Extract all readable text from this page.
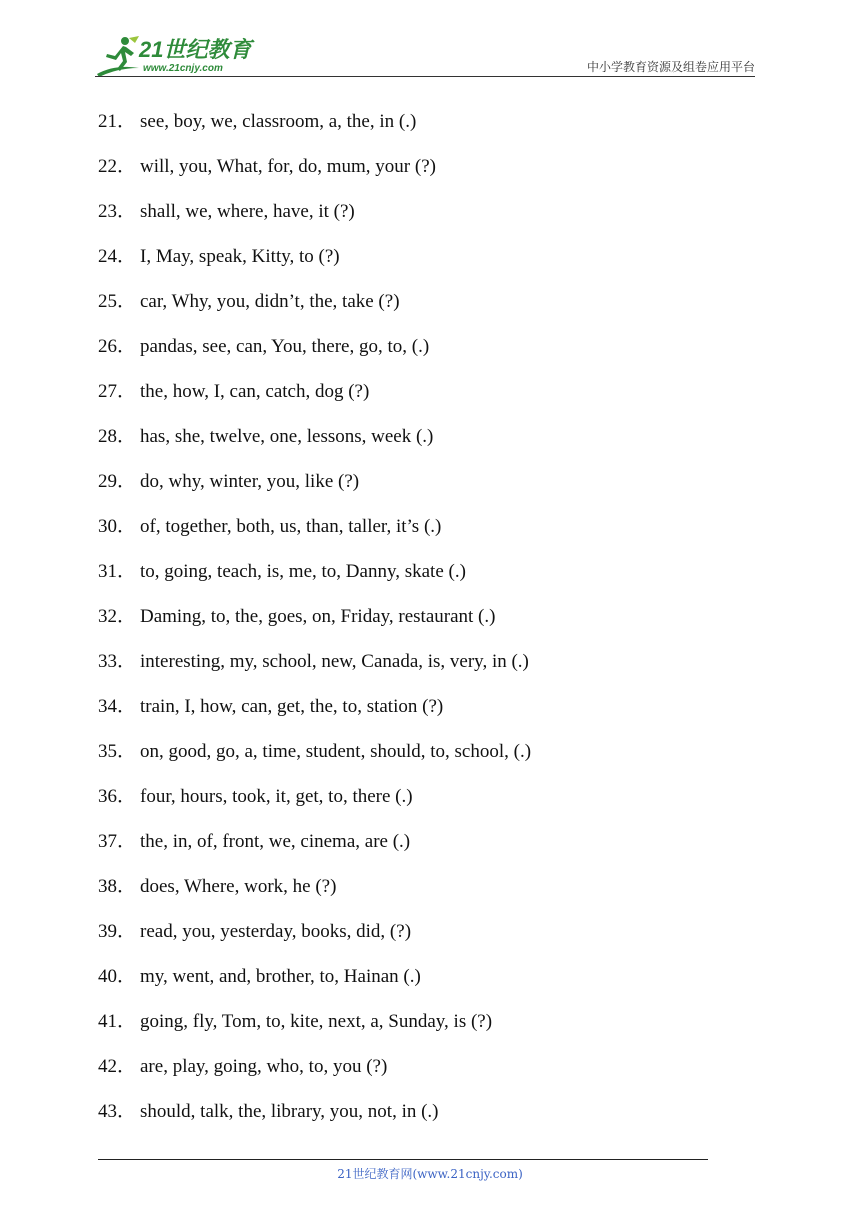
21世纪教育
www.21cnjy.com	中小学教育资源及组卷应用平台
21． see, boy, we, classroom, a, the, in (.)
22． will, you, What, for, do, mum, your (?)
23． shall, we, where, have, it (?)
24． I, May, speak, Kitty, to (?)
25． car, Why, you, didn’t, the, take (?)
26． pandas, see, can, You, there, go, to, (.)
27． the, how, I, can, catch, dog (?)
28． has, she, twelve, one, lessons, week (.)
29． do, why, winter, you, like (?)
30． of, together, both, us, than, taller, it’s (.)
31． to, going, teach, is, me, to, Danny, skate (.)
32． Daming, to, the, goes, on, Friday, restaurant (.)
33． interesting, my, school, new, Canada, is, very, in (.)
34． train, I, how, can, get, the, to, station (?)
35． on, good, go, a, time, student, should, to, school, (.)
36． four, hours, took, it, get, to, there (.)
37． the, in, of, front, we, cinema, are (.)
38． does, Where, work, he (?)
39． read, you, yesterday, books, did, (?)
40． my, went, and, brother, to, Hainan (.)
41． going, fly, Tom, to, kite, next, a, Sunday, is (?)
42． are, play, going, who, to, you (?)
43． should, talk, the, library, you, not, in (.)
21世纪教育网(www.21cnjy.com)
